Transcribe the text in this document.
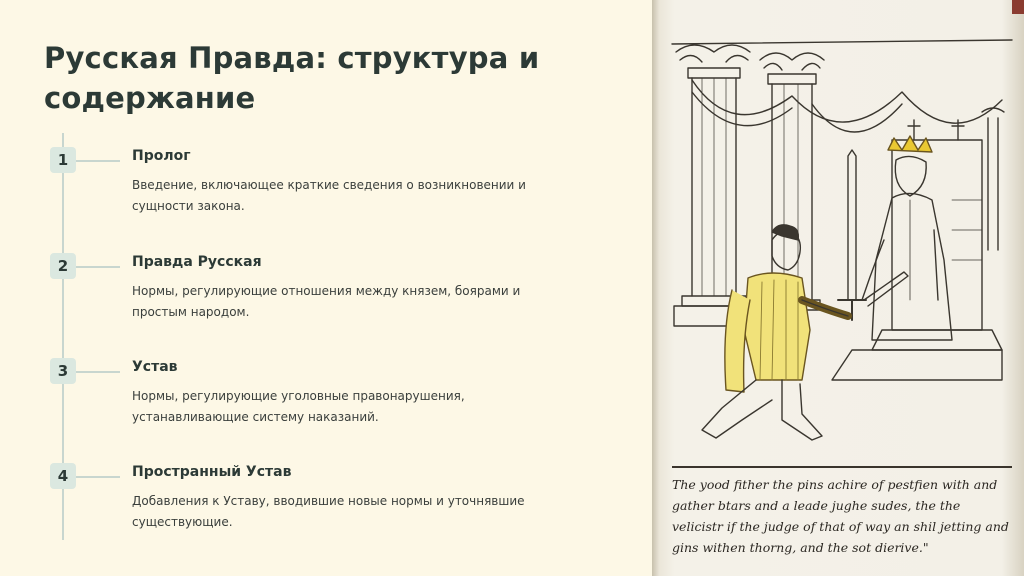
Русская Правда: структура и содержание
1	Пролог
Введение, включающее краткие сведения о возникновении и сущности закона.
2	Правда Русская
Нормы, регулирующие отношения между князем, боярами и простым народом.
3	Устав
Нормы, регулирующие уголовные правонарушения, устанавливающие систему наказаний.
4	Пространный Устав
Добавления к Уставу, вводившие новые нормы и уточнявшие существующие.
The yood fither the pins achire of pestfien with and gather btars and a leade jughe sudes, the the velicistr if the judge of that of way an shil jetting and gins withen thorng, and the sot dierive."
